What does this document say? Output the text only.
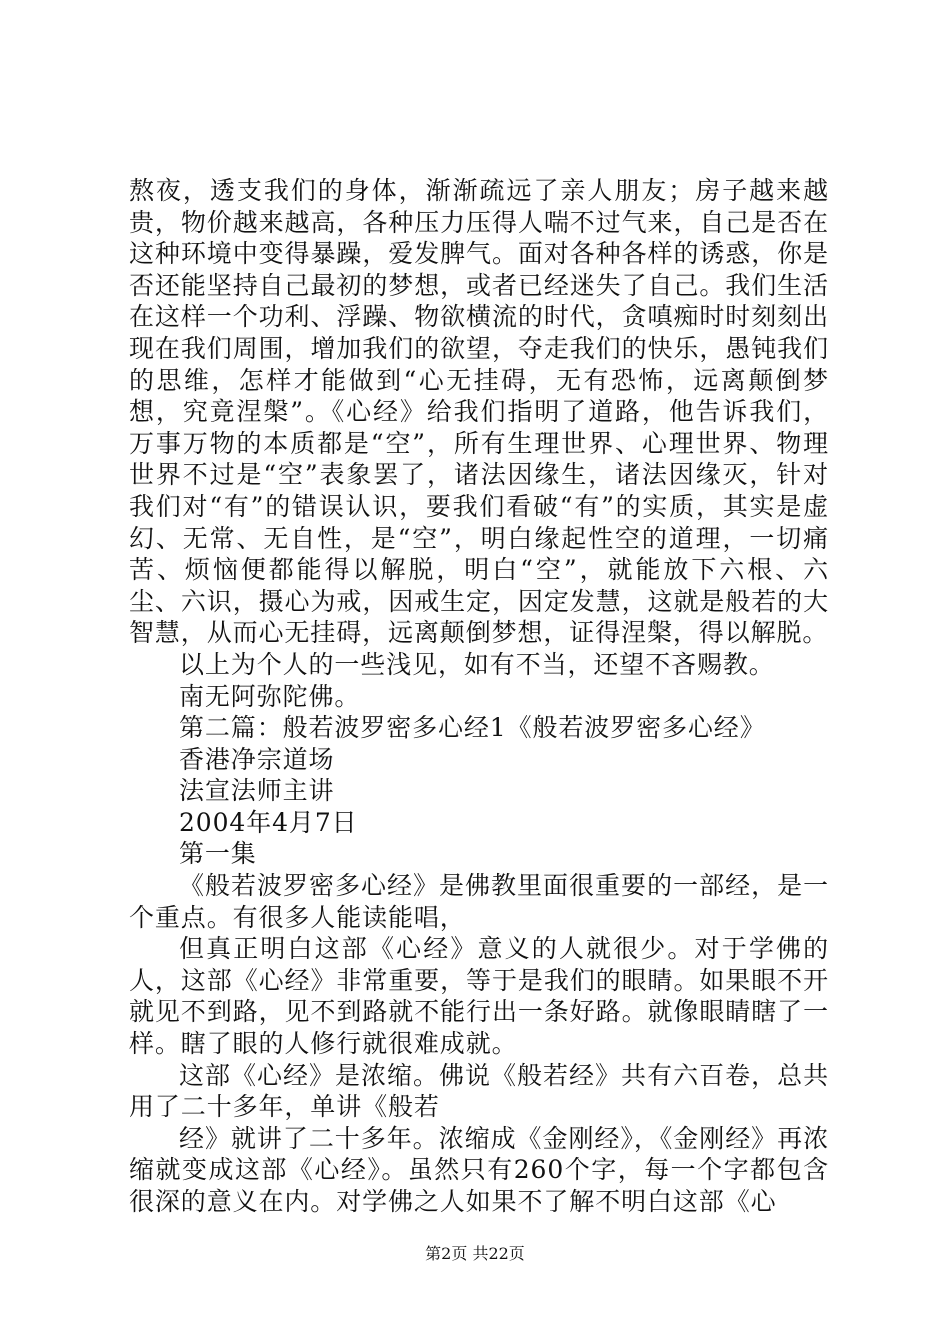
熬夜，透支我们的身体，渐渐疏远了亲人朋友；房子越来越贵，物价越来越高，各种压力压得人喘不过气来，自己是否在这种环境中变得暴躁，爱发脾气。面对各种各样的诱惑，你是否还能坚持自己最初的梦想，或者已经迷失了自己。我们生活在这样一个功利、浮躁、物欲横流的时代，贪嗔痴时时刻刻出现在我们周围，增加我们的欲望，夺走我们的快乐，愚钝我们的思维，怎样才能做到“心无挂碍，无有恐怖，远离颠倒梦想，究竟涅槃”。《心经》给我们指明了道路，他告诉我们，万事万物的本质都是“空”，所有生理世界、心理世界、物理世界不过是“空”表象罢了，诸法因缘生，诸法因缘灭，针对我们对“有”的错误认识，要我们看破“有”的实质，其实是虚幻、无常、无自性，是“空”，明白缘起性空的道理，一切痛苦、烦恼便都能得以解脱，明白“空”，就能放下六根、六尘、六识，摄心为戒，因戒生定，因定发慧，这就是般若的大智慧，从而心无挂碍，远离颠倒梦想，证得涅槃，得以解脱。

以上为个人的一些浅见，如有不当，还望不吝赐教。

南无阿弥陀佛。

第二篇：般若波罗密多心经1《般若波罗密多心经》

香港净宗道场

法宣法师主讲

2004年4月7日

第一集

《般若波罗密多心经》是佛教里面很重要的一部经，是一个重点。有很多人能读能唱，

但真正明白这部《心经》意义的人就很少。对于学佛的人，这部《心经》非常重要，等于是我们的眼睛。如果眼不开就见不到路，见不到路就不能行出一条好路。就像眼睛瞎了一样。瞎了眼的人修行就很难成就。

这部《心经》是浓缩。佛说《般若经》共有六百卷，总共用了二十多年，单讲《般若

经》就讲了二十多年。浓缩成《金刚经》，《金刚经》再浓缩就变成这部《心经》。虽然只有260个字，每一个字都包含很深的意义在内。对学佛之人如果不了解不明白这部《心

第2页 共22页
